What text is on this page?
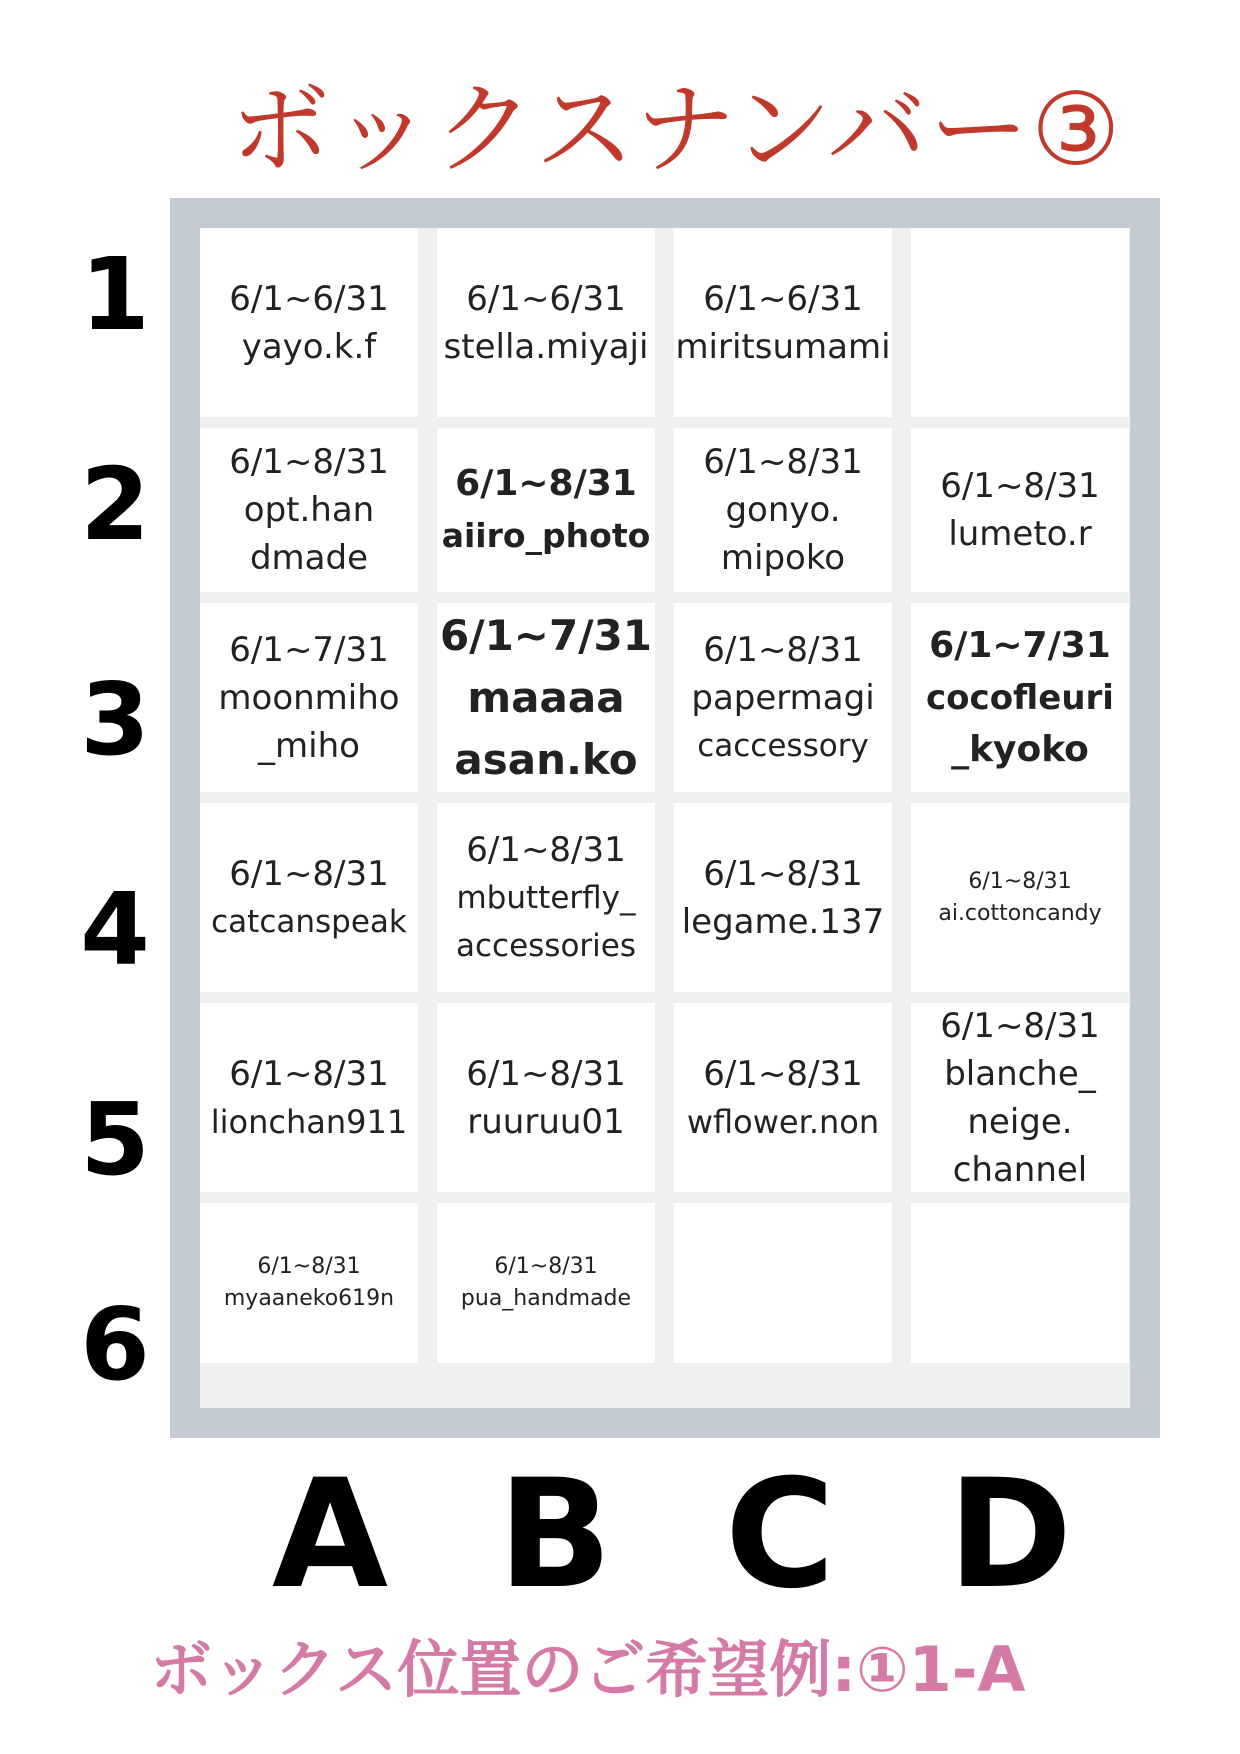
ボックスナンバー③
6/1~6/31
yayo.k.f
6/1~6/31
stella.miyaji
6/1~6/31
miritsumami
6/1~8/31
opt.han
dmade
6/1~8/31
aiiro_photo
6/1~8/31
gonyo.
mipoko
6/1~8/31
lumeto.r
6/1~7/31
moonmiho
_miho
6/1~7/31
maaaa
asan.ko
6/1~8/31
papermagi
caccessory
6/1~7/31
cocofleuri
_kyoko
6/1~8/31
catcanspeak
6/1~8/31
mbutterfly_
accessories
6/1~8/31
legame.137
6/1~8/31
ai.cottoncandy
6/1~8/31
lionchan911
6/1~8/31
ruuruu01
6/1~8/31
wflower.non
6/1~8/31
blanche_
neige.
channel
6/1~8/31
myaaneko619n
6/1~8/31
pua_handmade
1
2
3
4
5
6
A B C D
ボックス位置のご希望例:①1-A
